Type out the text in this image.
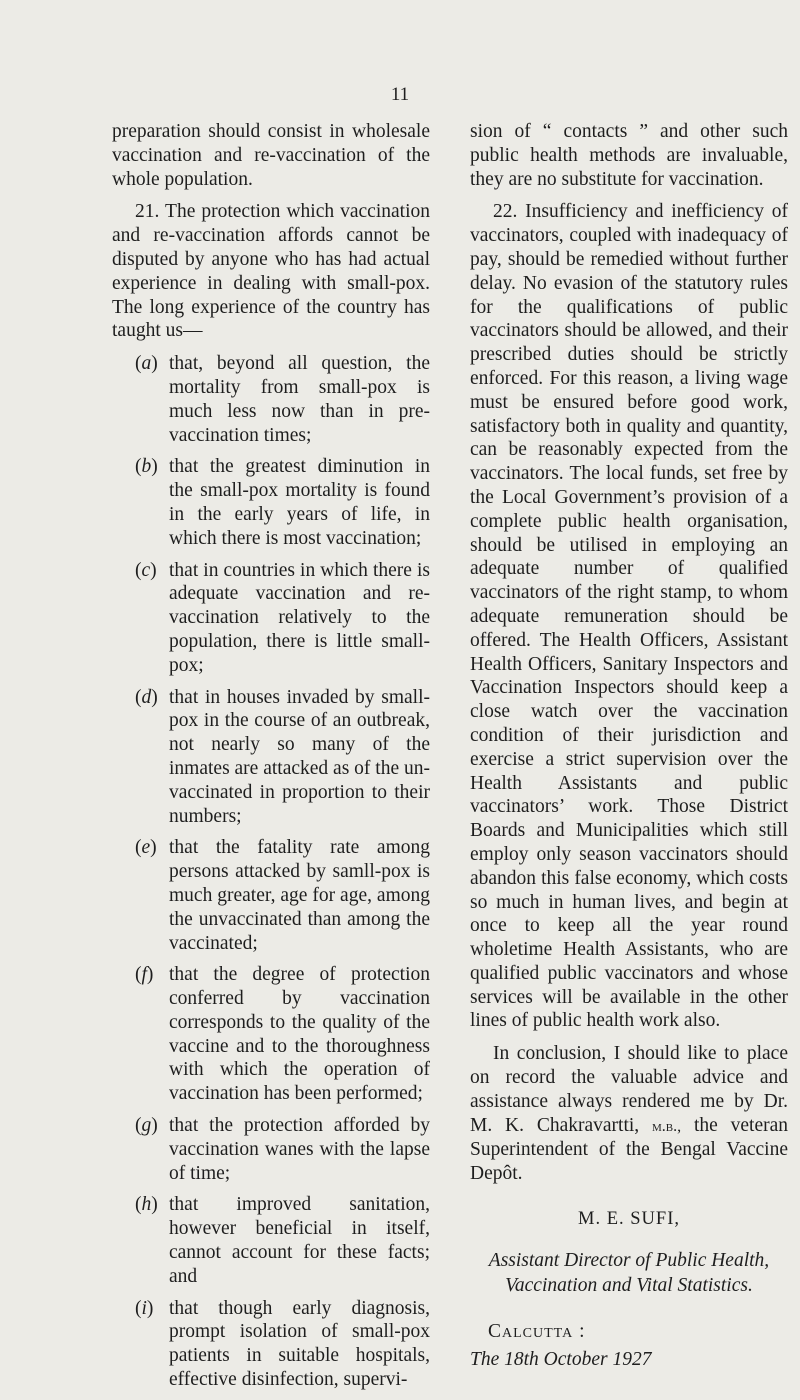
11

preparation should consist in wholesale vaccination and re-vaccination of the whole population.

21. The protection which vaccination and re-vaccination affords cannot be disputed by anyone who has had actual experience in dealing with small-pox. The long experience of the country has taught us—

(a) that, beyond all question, the mortality from small-pox is much less now than in pre-vaccination times;
(b) that the greatest diminution in the small-pox mortality is found in the early years of life, in which there is most vaccination;
(c) that in countries in which there is adequate vaccination and re-vaccination relatively to the population, there is little small-pox;
(d) that in houses invaded by small-pox in the course of an outbreak, not nearly so many of the inmates are attacked as of the un-vaccinated in proportion to their numbers;
(e) that the fatality rate among persons attacked by samll-pox is much greater, age for age, among the unvaccinated than among the vaccinated;
(f) that the degree of protection conferred by vaccination corresponds to the quality of the vaccine and to the thoroughness with which the operation of vaccination has been performed;
(g) that the protection afforded by vaccination wanes with the lapse of time;
(h) that improved sanitation, however beneficial in itself, cannot account for these facts; and
(i) that though early diagnosis, prompt isolation of small-pox patients in suitable hospitals, effective disinfection, supervi-

sion of “ contacts ” and other such public health methods are invaluable, they are no substitute for vaccination.

22. Insufficiency and inefficiency of vaccinators, coupled with inadequacy of pay, should be remedied without further delay. No evasion of the statutory rules for the qualifications of public vaccinators should be allowed, and their prescribed duties should be strictly enforced. For this reason, a living wage must be ensured before good work, satisfactory both in quality and quantity, can be reasonably expected from the vaccinators. The local funds, set free by the Local Government’s provision of a complete public health organisation, should be utilised in employing an adequate number of qualified vaccinators of the right stamp, to whom adequate remuneration should be offered. The Health Officers, Assistant Health Officers, Sanitary Inspectors and Vaccination Inspectors should keep a close watch over the vaccination condition of their jurisdiction and exercise a strict supervision over the Health Assistants and public vaccinators’ work. Those District Boards and Municipalities which still employ only season vaccinators should abandon this false economy, which costs so much in human lives, and begin at once to keep all the year round wholetime Health Assistants, who are qualified public vaccinators and whose services will be available in the other lines of public health work also.

In conclusion, I should like to place on record the valuable advice and assistance always rendered me by Dr. M. K. Chakravartti, m.b., the veteran Superintendent of the Bengal Vaccine Depôt.

M. E. SUFI,
Assistant Director of Public Health,
Vaccination and Vital Statistics.
Calcutta :
The 18th October 1927
